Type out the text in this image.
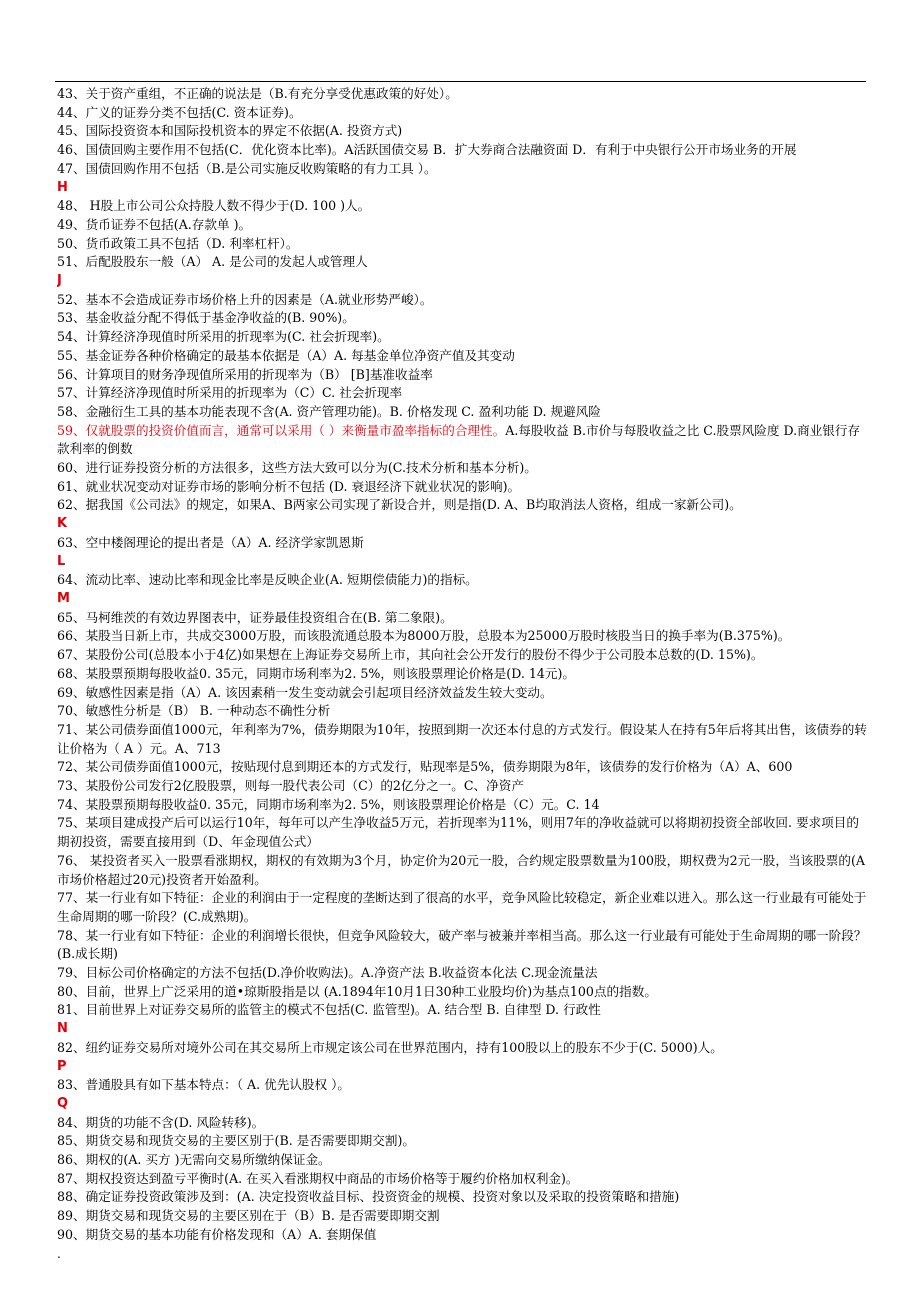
43、关于资产重组，不正确的说法是（B.有充分享受优惠政策的好处）。
44、广义的证券分类不包括(C. 资本证券)。
45、国际投资资本和国际投机资本的界定不依据(A. 投资方式)
46、国债回购主要作用不包括(C．优化资本比率)。A活跃国债交易 B．扩大券商合法融资面 D．有利于中央银行公开市场业务的开展
47、国债回购作用不包括（B.是公司实施反收购策略的有力工具 ）。
H
48、 H股上市公司公众持股人数不得少于(D. 100 )人。
49、货币证券不包括(A.存款单 )。
50、货币政策工具不包括（D. 利率杠杆）。
51、后配股股东一般（A） A. 是公司的发起人或管理人
J
52、基本不会造成证券市场价格上升的因素是（A.就业形势严峻）。
53、基金收益分配不得低于基金净收益的(B. 90%)。
54、计算经济净现值时所采用的折现率为(C. 社会折现率)。
55、基金证券各种价格确定的最基本依据是（A）A. 每基金单位净资产值及其变动
56、计算项目的财务净现值所采用的折现率为（B） [B]基准收益率
57、计算经济净现值时所采用的折现率为（C）C. 社会折现率
58、金融衍生工具的基本功能表现不含(A. 资产管理功能)。B. 价格发现 C. 盈利功能 D. 规避风险
59、仅就股票的投资价值而言，通常可以采用（ ）来衡量市盈率指标的合理性。A.每股收益 B.市价与每股收益之比 C.股票风险度 D.商业银行存款利率的倒数
60、进行证券投资分析的方法很多，这些方法大致可以分为(C.技术分析和基本分析)。
61、就业状况变动对证券市场的影响分析不包括 (D. 衰退经济下就业状况的影响)。
62、据我国《公司法》的规定，如果A、B两家公司实现了新设合并，则是指(D. A、B均取消法人资格，组成一家新公司)。
K
63、空中楼阁理论的提出者是（A）A. 经济学家凯恩斯
L
64、流动比率、速动比率和现金比率是反映企业(A. 短期偿债能力)的指标。
M
65、马柯维茨的有效边界图表中，证券最佳投资组合在(B. 第二象限)。
66、某股当日新上市，共成交3000万股，而该股流通总股本为8000万股，总股本为25000万股时核股当日的换手率为(B.375%)。
67、某股份公司(总股本小于4亿)如果想在上海证券交易所上市，其向社会公开发行的股份不得少于公司股本总数的(D. 15%)。
68、某股票预期每股收益0. 35元，同期市场利率为2. 5%，则该股票理论价格是(D. 14元)。
69、敏感性因素是指（A）A. 该因素稍一发生变动就会引起项目经济效益发生较大变动。
70、敏感性分析是（B） B. 一种动态不确性分析
71、某公司债券面值1000元，年利率为7%，债券期限为10年，按照到期一次还本付息的方式发行。假设某人在持有5年后将其出售，该债券的转让价格为（ A ）元。A、713
72、某公司债券面值1000元，按贴现付息到期还本的方式发行，贴现率是5%，债券期限为8年，该债券的发行价格为（A）A、600
73、某股份公司发行2亿股股票，则每一股代表公司（C）的2亿分之一。C、净资产
74、某股票预期每股收益0. 35元，同期市场利率为2. 5%，则该股票理论价格是（C）元。C. 14
75、某项目建成投产后可以运行10年，每年可以产生净收益5万元，若折现率为11%，则用7年的净收益就可以将期初投资全部收回. 要求项目的期初投资，需要直接用到（D、年金现值公式）
76、 某投资者买入一股票看涨期权，期权的有效期为3个月，协定价为20元一股，合约规定股票数量为100股，期权费为2元一股，当该股票的(A市场价格超过20元)投资者开始盈利。
77、某一行业有如下特征：企业的利润由于一定程度的垄断达到了很高的水平，竞争风险比较稳定，新企业难以进入。那么这一行业最有可能处于生命周期的哪一阶段？(C.成熟期)。
78、某一行业有如下特征：企业的利润增长很快，但竞争风险较大，破产率与被兼并率相当高。那么这一行业最有可能处于生命周期的哪一阶段？(B.成长期)
79、目标公司价格确定的方法不包括(D.净价收购法)。A.净资产法 B.收益资本化法 C.现金流量法
80、目前，世界上广泛采用的道•琼斯股指是以 (A.1894年10月1日30种工业股均价)为基点100点的指数。
81、目前世界上对证券交易所的监管主的模式不包括(C. 监管型)。A. 结合型 B. 自律型 D. 行政性
N
82、纽约证券交易所对境外公司在其交易所上市规定该公司在世界范围内，持有100股以上的股东不少于(C. 5000)人。
P
83、普通股具有如下基本特点：（ A. 优先认股权 ）。
Q
84、期货的功能不含(D. 风险转移)。
85、期货交易和现货交易的主要区别于(B. 是否需要即期交割)。
86、期权的(A. 买方 )无需向交易所缴纳保证金。
87、期权投资达到盈亏平衡时(A. 在买入看涨期权中商品的市场价格等于履约价格加权利金)。
88、确定证券投资政策涉及到：(A. 决定投资收益目标、投资资金的规模、投资对象以及采取的投资策略和措施)
89、期货交易和现货交易的主要区别在于（B）B. 是否需要即期交割
90、期货交易的基本功能有价格发现和（A）A. 套期保值
.
